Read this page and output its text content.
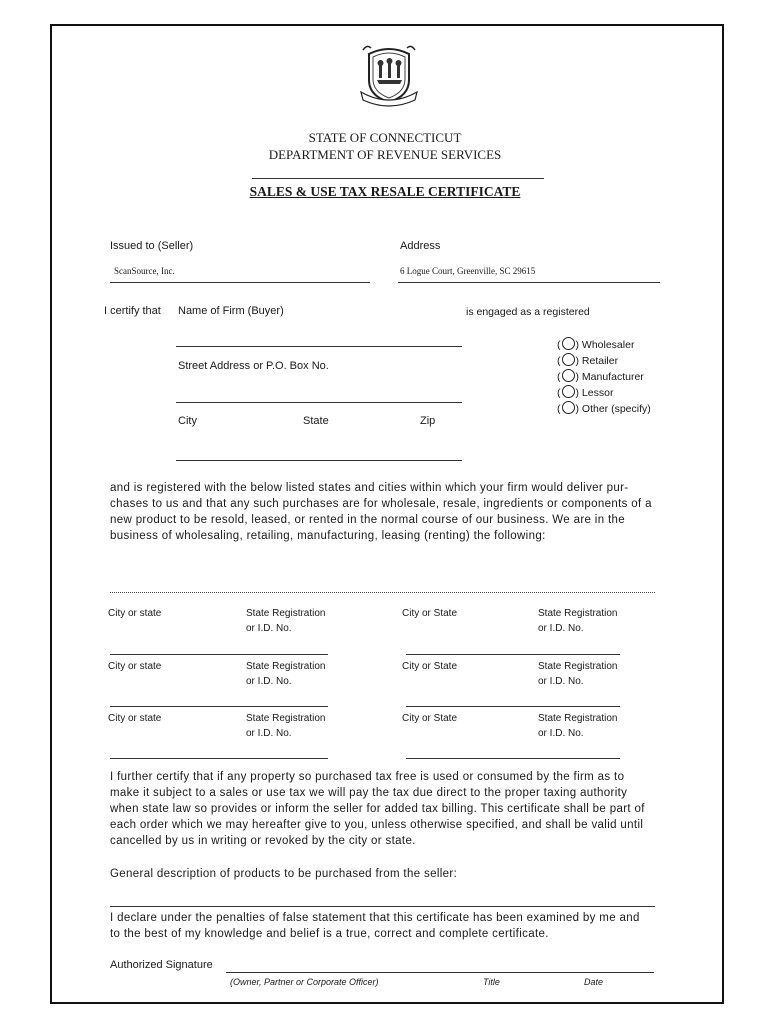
STATE OF CONNECTICUT
DEPARTMENT OF REVENUE SERVICES
SALES & USE TAX RESALE CERTIFICATE
Issued to (Seller)
ScanSource, Inc.
Address
6 Logue Court, Greenville, SC 29615
I certify that Name of Firm (Buyer)	is engaged as a registered
Street Address or P.O. Box No.
City	State	Zip
( ) Wholesaler
( ) Retailer
( ) Manufacturer
( ) Lessor
( ) Other (specify)
and is registered with the below listed states and cities within which your firm would deliver pur-
chases to us and that any such purchases are for wholesale, resale, ingredients or components of a
new product to be resold, leased, or rented in the normal course of our business. We are in the
business of wholesaling, retailing, manufacturing, leasing (renting) the following:
City or state	State Registration
or I.D. No.
City or State	State Registration
or I.D. No.
City or state	State Registration
or I.D. No.
City or State	State Registration
or I.D. No.
City or state	State Registration
or I.D. No.
City or State	State Registration
or I.D. No.
I further certify that if any property so purchased tax free is used or consumed by the firm as to
make it subject to a sales or use tax we will pay the tax due direct to the proper taxing authority
when state law so provides or inform the seller for added tax billing. This certificate shall be part of
each order which we may hereafter give to you, unless otherwise specified, and shall be valid until
cancelled by us in writing or revoked by the city or state.
General description of products to be purchased from the seller:
I declare under the penalties of false statement that this certificate has been examined by me and
to the best of my knowledge and belief is a true, correct and complete certificate.
Authorized Signature
(Owner, Partner or Corporate Officer)	Title	Date
